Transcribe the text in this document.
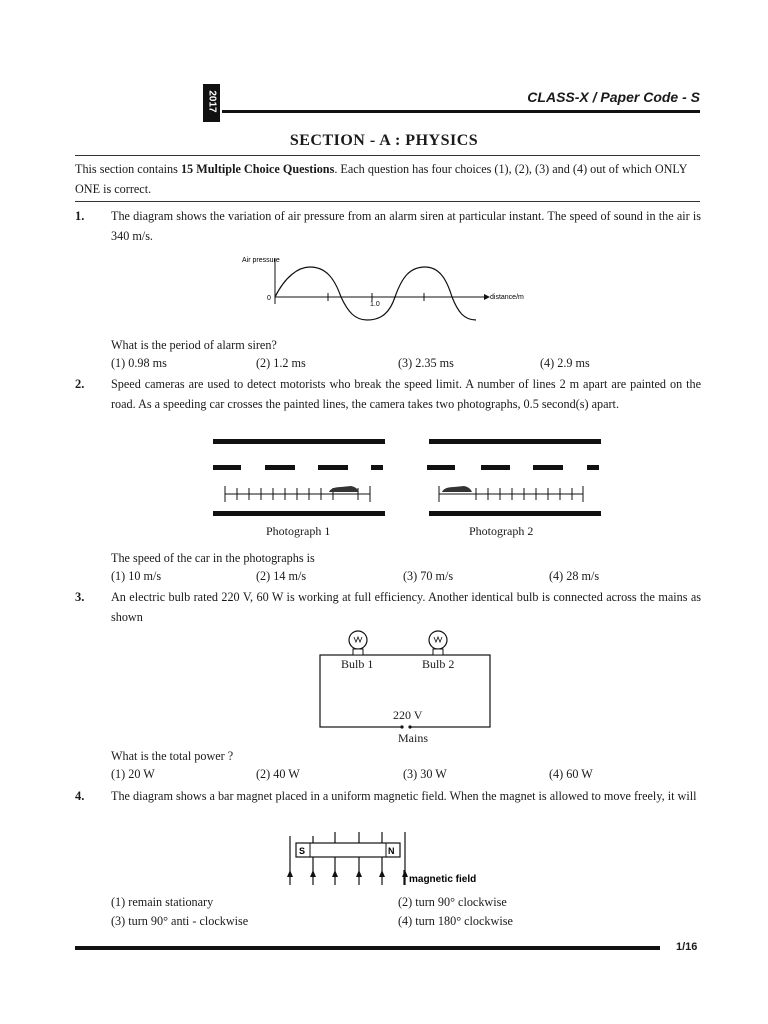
2017	CLASS-X / Paper Code - S
SECTION - A : PHYSICS
This section contains 15 Multiple Choice Questions. Each question has four choices (1), (2), (3) and (4) out of which ONLY ONE is correct.
1. The diagram shows the variation of air pressure from an alarm siren at particular instant. The speed of sound in the air is 340 m/s.
Air pressure
0
1.0
distance/m
What is the period of alarm siren?
(1) 0.98 ms	(2) 1.2 ms	(3) 2.35 ms	(4) 2.9 ms
2. Speed cameras are used to detect motorists who break the speed limit. A number of lines 2 m apart are painted on the road. As a speeding car crosses the painted lines, the camera takes two photographs, 0.5 second(s) apart.
Photograph 1	Photograph 2
The speed of the car in the photographs is
(1) 10 m/s	(2) 14 m/s	(3) 70 m/s	(4) 28 m/s
3. An electric bulb rated 220 V, 60 W is working at full efficiency. Another identical bulb is connected across the mains as shown
Bulb 1	Bulb 2
220 V
Mains
What is the total power ?
(1) 20 W	(2) 40 W	(3) 30 W	(4) 60 W
4. The diagram shows a bar magnet placed in a uniform magnetic field. When the magnet is allowed to move freely, it will
S	N
magnetic field
(1) remain stationary	(2) turn 90° clockwise
(3) turn 90° anti - clockwise	(4) turn 180° clockwise
1/16
